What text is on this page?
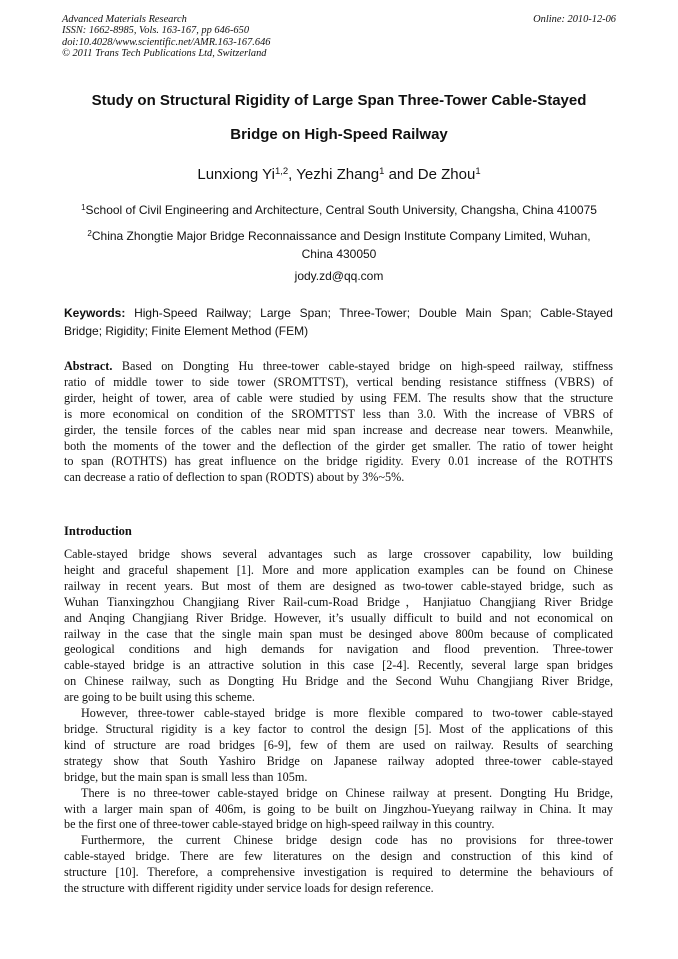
Advanced Materials Research
ISSN: 1662-8985, Vols. 163-167, pp 646-650
doi:10.4028/www.scientific.net/AMR.163-167.646
© 2011 Trans Tech Publications Ltd, Switzerland
Online: 2010-12-06
Study on Structural Rigidity of Large Span Three-Tower Cable-Stayed
Bridge on High-Speed Railway
Lunxiong Yi$^{1,2}$, Yezhi Zhang$^1$ and De Zhou$^1$
$^1$School of Civil Engineering and Architecture, Central South University, Changsha, China 410075
$^2$China Zhongtie Major Bridge Reconnaissance and Design Institute Company Limited, Wuhan,
China 430050
jody.zd@qq.com
Keywords: High-Speed Railway; Large Span; Three-Tower; Double Main Span; Cable-Stayed
Bridge; Rigidity; Finite Element Method (FEM)
Abstract. Based on Dongting Hu three-tower cable-stayed bridge on high-speed railway, stiffness
ratio of middle tower to side tower (SROMTTST), vertical bending resistance stiffness (VBRS) of
girder, height of tower, area of cable were studied by using FEM. The results show that the structure
is more economical on condition of the SROMTTST less than 3.0. With the increase of VBRS of
girder, the tensile forces of the cables near mid span increase and decrease near towers. Meanwhile,
both the moments of the tower and the deflection of the girder get smaller. The ratio of tower height
to span (ROTHTS) has great influence on the bridge rigidity. Every 0.01 increase of the ROTHTS
can decrease a ratio of deflection to span (RODTS) about by 3%~5%.
Introduction
Cable-stayed bridge shows several advantages such as large crossover capability, low building
height and graceful shapement [1]. More and more application examples can be found on Chinese
railway in recent years. But most of them are designed as two-tower cable-stayed bridge, such as
Wuhan Tianxingzhou Changjiang River Rail-cum-Road Bridge，Hanjiatuo Changjiang River Bridge
and Anqing Changjiang River Bridge. However, it’s usually difficult to build and not economical on
railway in the case that the single main span must be desinged above 800m because of complicated
geological conditions and high demands for navigation and flood prevention. Three-tower
cable-stayed bridge is an attractive solution in this case [2-4]. Recently, several large span bridges
on Chinese railway, such as Dongting Hu Bridge and the Second Wuhu Changjiang River Bridge,
are going to be built using this scheme.
However, three-tower cable-stayed bridge is more flexible compared to two-tower cable-stayed
bridge. Structural rigidity is a key factor to control the design [5]. Most of the applications of this
kind of structure are road bridges [6-9], few of them are used on railway. Results of searching
strategy show that South Yashiro Bridge on Japanese railway adopted three-tower cable-stayed
bridge, but the main span is small less than 105m.
There is no three-tower cable-stayed bridge on Chinese railway at present. Dongting Hu Bridge,
with a larger main span of 406m, is going to be built on Jingzhou-Yueyang railway in China. It may
be the first one of three-tower cable-stayed bridge on high-speed railway in this country.
Furthermore, the current Chinese bridge design code has no provisions for three-tower
cable-stayed bridge. There are few literatures on the design and construction of this kind of
structure [10]. Therefore, a comprehensive investigation is required to determine the behaviours of
the structure with different rigidity under service loads for design reference.
